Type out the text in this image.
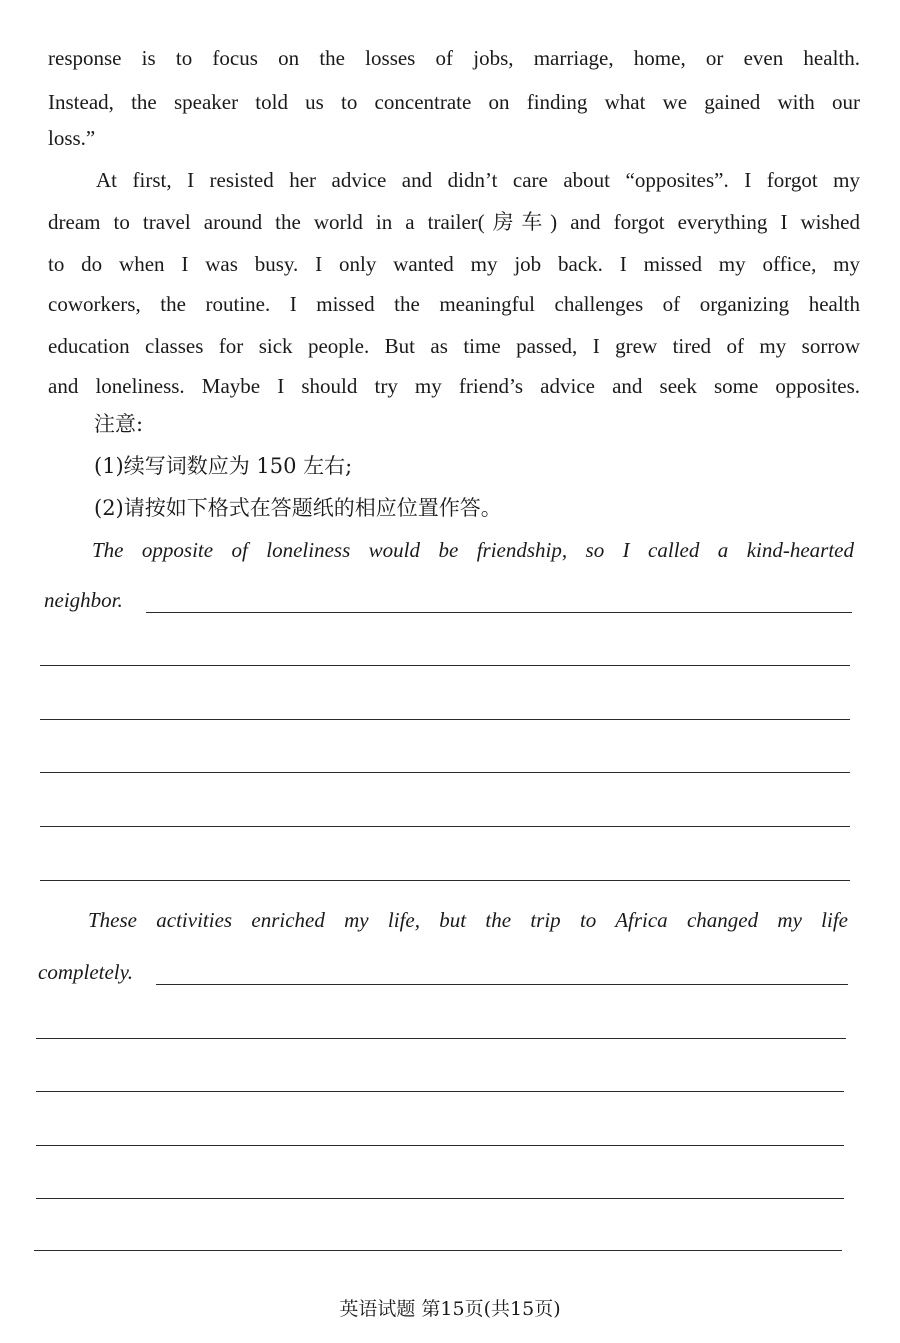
response is to focus on the losses of jobs, marriage, home, or even health.
Instead, the speaker told us to concentrate on finding what we gained with our
loss.”
At first, I resisted her advice and didn’t care about “opposites”. I forgot my
dream to travel around the world in a trailer(房车) and forgot everything I wished
to do when I was busy. I only wanted my job back. I missed my office, my
coworkers, the routine. I missed the meaningful challenges of organizing health
education classes for sick people. But as time passed, I grew tired of my sorrow
and loneliness. Maybe I should try my friend’s advice and seek some opposites.
注意:
(1)续写词数应为 150 左右;
(2)请按如下格式在答题纸的相应位置作答。
The opposite of loneliness would be friendship, so I called a kind-hearted
neighbor.
These activities enriched my life, but the trip to Africa changed my life
completely.
英语试题 第15页(共15页)
